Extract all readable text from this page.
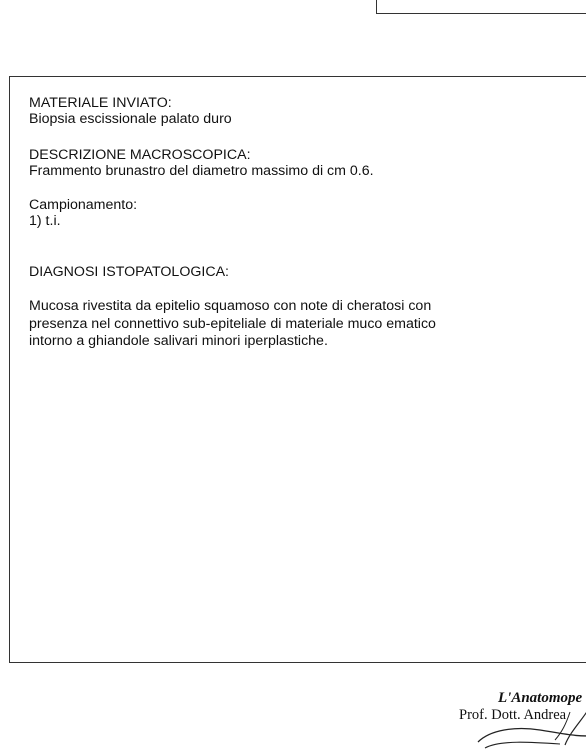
MATERIALE INVIATO:
Biopsia escissionale palato duro
DESCRIZIONE MACROSCOPICA:
Frammento brunastro del diametro massimo di cm 0.6.
Campionamento:
1) t.i.
DIAGNOSI ISTOPATOLOGICA:
Mucosa rivestita da epitelio squamoso con note di cheratosi con
presenza nel connettivo sub-epiteliale di materiale muco ematico
intorno a ghiandole salivari minori iperplastiche.
L'Anatomope
Prof. Dott. Andrea
